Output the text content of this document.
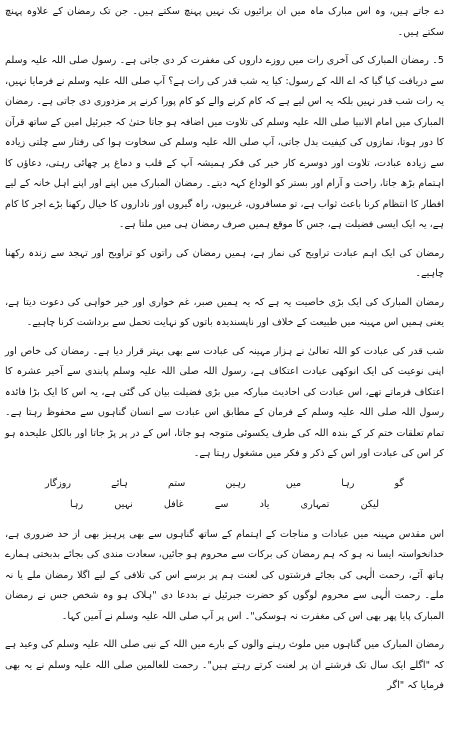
دے جاتے ہیں، وہ اس مبارک ماہ میں ان برائیوں تک نہیں پہنچ سکتے ہیں۔ جن تک رمضان کے علاوہ پہنچ سکتے ہیں۔

5۔ رمضان المبارک کی آخری رات میں روزے داروں کی مغفرت کر دی جاتی ہے۔ رسول صلی اللہ علیہ وسلم سے دریافت کیا گیا کہ اے اللہ کے رسول: کیا یہ شب قدر کی رات ہے؟ آپ صلی اللہ علیہ وسلم نے فرمایا نہیں، یہ رات شب قدر نہیں بلکہ یہ اس لیے ہے کہ کام کرنے والے کو کام پورا کرنے پر مزدوری دی جاتی ہے۔ رمضان المبارک میں امام الانبیا صلی اللہ علیہ وسلم کی تلاوت میں اضافہ ہو جاتا حتیٰ کہ جبرئیل امین کے ساتھ قرآن کا دور ہوتا، نمازوں کی کیفیت بدل جاتی، آپ صلی اللہ علیہ وسلم کی سخاوت ہوا کی رفتار سے چلتی زیادہ سے زیادہ عبادت، تلاوت اور دوسرے کار خیر کی فکر ہمیشہ آپ کے قلب و دماغ پر چھائی رہتی، دعاؤں کا اہتمام بڑھ جاتا، راحت و آرام اور بستر کو الوداع کہہ دیتے۔ رمضان المبارک میں اپنے اور اپنے اہل خانہ کے لیے افطار کا انتظام کرنا باعث ثواب ہے، تو مسافروں، غریبوں، راہ گیروں اور ناداروں کا خیال رکھنا بڑے اجر کا کام ہے، یہ ایک ایسی فضیلت ہے، جس کا موقع ہمیں صرف رمضان ہی میں ملتا ہے۔

رمضان کی ایک اہم عبادت تراویح کی نماز ہے، ہمیں رمضان کی راتوں کو تراویح اور تہجد سے زندہ رکھنا چاہیے۔

رمضان المبارک کی ایک بڑی خاصیت یہ ہے کہ یہ ہمیں صبر، غم خواری اور خیر خواہی کی دعوت دیتا ہے، یعنی ہمیں اس مہینہ میں طبیعت کے خلاف اور ناپسندیدہ باتوں کو نہایت تحمل سے برداشت کرنا چاہیے۔

شب قدر کی عبادت کو اللہ تعالیٰ نے ہزار مہینہ کی عبادت سے بھی بہتر قرار دیا ہے۔ رمضان کی خاص اور اپنی نوعیت کی ایک انوکھی عبادت اعتکاف ہے، رسول اللہ صلی اللہ علیہ وسلم پابندی سے آخیر عشرہ کا اعتکاف فرماتے تھے، اس عبادت کی احادیث مبارکہ میں بڑی فضیلت بیان کی گئی ہے، یہ اس کا ایک بڑا فائدہ رسول اللہ صلی اللہ علیہ وسلم کے فرمان کے مطابق اس عبادت سے انسان گناہوں سے محفوظ رہتا ہے۔ تمام تعلقات ختم کر کے بندہ اللہ کی طرف یکسوئی متوجہ ہو جاتا، اس کے در پر پڑ جاتا اور بالکل علیحدہ ہو کر اس کی عبادت اور اس کے ذکر و فکر میں مشغول رہتا ہے۔

گو رہا میں رہین ستم ہائے روزگار
لیکن تمہاری یاد سے غافل نہیں رہا

اس مقدس مہینہ میں عبادات و مناجات کے اہتمام کے ساتھ گناہوں سے بھی پرہیز بھی از حد ضروری ہے، خدانخواستہ ایسا نہ ہو کہ ہم رمضان کی برکات سے محروم ہو جائیں، سعادت مندی کی بجائے بدبختی ہمارے ہاتھ آئے، رحمت الٰہی کی بجائے فرشتوں کی لعنت ہم پر برسے اس کی تلافی کے لیے اگلا رمضان ملے یا نہ ملے۔ رحمت الٰہی سے محروم لوگوں کو حضرت جبرئیل نے بددعا دی "ہلاک ہو وہ شخص جس نے رمضان المبارک پایا پھر بھی اس کی مغفرت نہ ہوسکی"۔ اس پر آپ صلی اللہ علیہ وسلم نے آمین کہا۔

رمضان المبارک میں گناہوں میں ملوث رہنے والوں کے بارے میں اللہ کے نبی صلی اللہ علیہ وسلم کی وعید ہے کہ "اگلے ایک سال تک فرشتے ان پر لعنت کرتے رہتے ہیں"۔ رحمت للعالمین صلی اللہ علیہ وسلم نے یہ بھی فرمایا کہ "اگر
